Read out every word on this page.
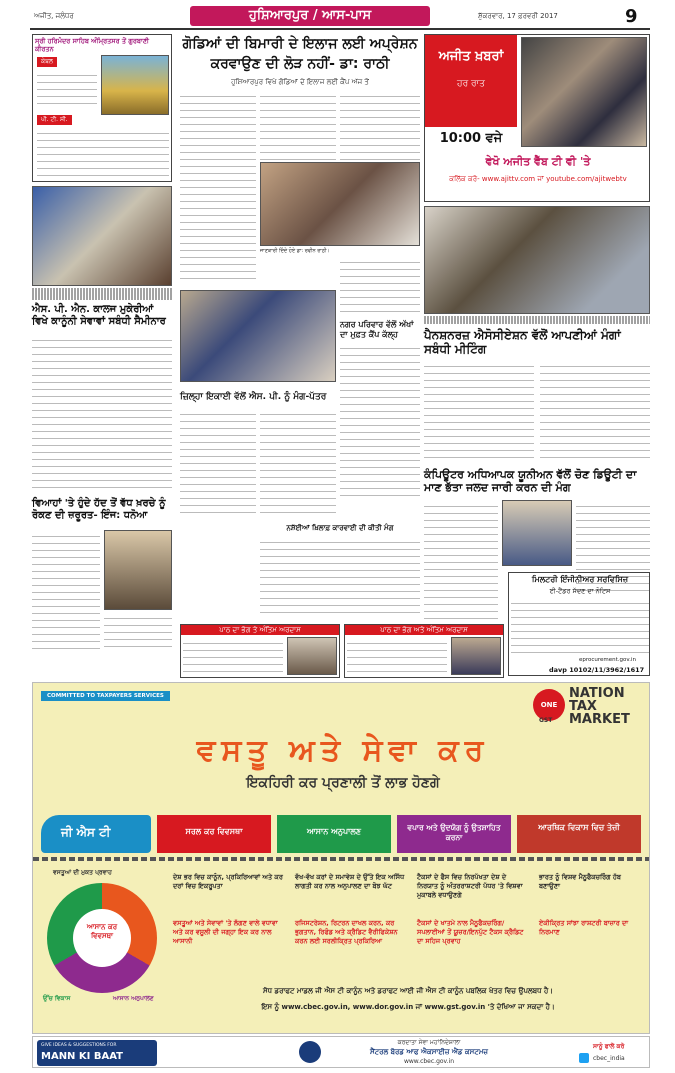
ਅਜੀਤ, ਜਲੰਧਰ	ਹੁਸ਼ਿਆਰਪੁਰ / ਆਸ-ਪਾਸ	ਸ਼ੁੱਕਰਵਾਰ, 17 ਫ਼ਰਵਰੀ 2017	9
ਸ੍ਰੀ ਹਰਿਮੰਦਰ ਸਾਹਿਬ ਅੰਮ੍ਰਿਤਸਰ ਤੋਂ ਗੁਰਬਾਣੀ ਕੀਰਤਨ
ਕੇਬਲ
ਪੀ. ਟੀ. ਸੀ.
ਐਸ. ਪੀ. ਐਨ. ਕਾਲਜ ਮੁਕੇਰੀਆਂ ਵਿਖੇ ਕਾਨੂੰਨੀ ਸੇਵਾਵਾਂ ਸਬੰਧੀ ਸੈਮੀਨਾਰ
ਵਿਆਹਾਂ 'ਤੇ ਹੁੰਦੇ ਹੱਦ ਤੋਂ ਵੱਧ ਖ਼ਰਚੇ ਨੂੰ ਰੋਕਣ ਦੀ ਜ਼ਰੂਰਤ- ਇੰਜ: ਧਨੋਆ
ਗੋਡਿਆਂ ਦੀ ਬਿਮਾਰੀ ਦੇ ਇਲਾਜ ਲਈ ਅਪ੍ਰੇਸ਼ਨ
ਕਰਵਾਉਣ ਦੀ ਲੋੜ ਨਹੀਂ- ਡਾ: ਰਾਠੀ
ਹੁਸ਼ਿਆਰਪੁਰ ਵਿਖੇ ਗੋਡਿਆਂ ਦੇ ਇਲਾਜ ਲਈ ਕੈਂਪ ਅੱਜ ਤੋਂ
ਜਾਣਕਾਰੀ ਦਿੰਦੇ ਹੋਏ ਡਾ: ਰਵੀਨ ਰਾਠੀ।
ਨਗਰ ਪਰਿਵਾਰ ਵੱਲੋਂ ਅੱਖਾਂ ਦਾ ਮੁਫ਼ਤ ਕੈਂਪ ਕੱਲ੍ਹ
ਜ਼ਿਲ੍ਹਾ ਇਕਾਈ ਵੱਲੋਂ ਐਸ. ਪੀ. ਨੂੰ ਮੰਗ-ਪੱਤਰ
ਨਸ਼ੱਈਆਂ ਖ਼ਿਲਾਫ਼ ਕਾਰਵਾਈ ਦੀ ਕੀਤੀ ਮੰਗ
ਪਾਠ ਦਾ ਭੋਗ ਤੇ ਅੰਤਿਮ ਅਰਦਾਸ	ਪਾਠ ਦਾ ਭੋਗ ਅਤੇ ਅੰਤਿਮ ਅਰਦਾਸ
ਅਜੀਤ ਖ਼ਬਰਾਂ
ਹਰ ਰਾਤ
10:00 ਵਜੇ
ਵੇਖੋ ਅਜੀਤ ਵੈੱਬ ਟੀ ਵੀ 'ਤੇ
ਕਲਿੱਕ ਕਰੋ- www.ajittv.com ਜਾਂ youtube.com/ajitwebtv
ਪੈਨਸ਼ਨਰਜ਼ ਐਸੋਸੀਏਸ਼ਨ ਵੱਲੋਂ ਆਪਣੀਆਂ ਮੰਗਾਂ ਸਬੰਧੀ ਮੀਟਿੰਗ
ਕੰਪਿਊਟਰ ਅਧਿਆਪਕ ਯੂਨੀਅਨ ਵੱਲੋਂ ਚੋਣ ਡਿਊਟੀ ਦਾ ਮਾਣ ਭੱਤਾ ਜਲਦ ਜਾਰੀ ਕਰਨ ਦੀ ਮੰਗ
ਮਿਲਟਰੀ ਇੰਜੀਨੀਅਰ ਸਰਵਿਸਿਜ਼
ਈ-ਟੈਂਡਰ ਸੱਦਣ ਦਾ ਨੋਟਿਸ
eprocurement.gov.in
davp 10102/11/3962/1617
COMMITTED TO TAXPAYERS SERVICES
ONE
GST
NATION
TAX
MARKET
ਵਸਤੂ ਅਤੇ ਸੇਵਾ ਕਰ
ਇਕਹਿਰੀ ਕਰ ਪ੍ਰਣਾਲੀ ਤੋਂ ਲਾਭ ਹੋਣਗੇ
ਜੀ ਐਸ ਟੀ	ਸਰਲ ਕਰ ਵਿਵਸਥਾ	ਆਸਾਨ ਅਨੁਪਾਲਣ	ਵਪਾਰ ਅਤੇ ਉਦਯੋਗ ਨੂੰ ਉਤਸ਼ਾਹਿਤ ਕਰਨਾ
ਆਰਥਿਕ ਵਿਕਾਸ ਵਿਚ ਤੇਜ਼ੀ
ਆਸਾਨ ਕਰ ਵਿਵਸਥਾ
ਵਸਤੂਆਂ ਦੀ ਮੁਕਤ ਪ੍ਰਵਾਹ
ਉੱਚ ਵਿਕਾਸ	ਆਸਾਨ ਅਨੁਪਾਲਣ
ਦੇਸ਼ ਭਰ ਵਿਚ ਕਾਨੂੰਨ, ਪ੍ਰਕਿਰਿਆਵਾਂ ਅਤੇ ਕਰ ਦਰਾਂ ਵਿਚ ਇਕਰੂਪਤਾ
ਵੱਖ-ਵੱਖ ਕਰਾਂ ਦੇ ਸਮਾਵੇਸ਼ ਦੇ ਉੱਤੇ ਇਕ ਅਸਿੱਧ ਲਾਗਤੀ ਕਰ ਨਾਲ ਅਨੁਪਾਲਣ ਦਾ ਬੋਝ ਘੱਟ
ਟੈਕਸਾਂ ਦੇ ਫੈਸ ਵਿਚ ਨਿਰਪੱਖਤਾ ਦੇਸ਼ ਦੇ ਨਿਰਯਾਤ ਨੂੰ ਅੰਤਰਰਾਸ਼ਟਰੀ ਪੱਧਰ 'ਤੇ ਵਿਸ਼ਵਾ ਮੁਕਾਬਲੇ ਵਧਾਉਣਗੇ
ਭਾਰਤ ਨੂੰ ਵਿਸ਼ਵ ਮੈਨੂਫੈਕਚਰਿੰਗ ਹੱਬ ਬਣਾਉਣਾ
ਵਸਤੂਆਂ ਅਤੇ ਸੇਵਾਵਾਂ 'ਤੇ ਲੱਗਣ ਵਾਲੇ ਵਧਾਵਾ ਅਤੇ ਕਰ ਵਸੂਲੀ ਦੀ ਜਗ੍ਹਾ ਇਕ ਕਰ ਨਾਲ ਆਸਾਨੀ
ਰਜਿਸਟਰੇਸ਼ਨ, ਰਿਟਰਨ ਦਾਖਲ ਕਰਨ, ਕਰ ਭੁਗਤਾਨ, ਰਿਫੰਡ ਅਤੇ ਕ੍ਰੈਡਿਟ ਵੈਰੀਫਿਕੇਸ਼ਨ ਕਰਨ ਲਈ ਸਰਲੀਕ੍ਰਿਤ ਪ੍ਰਕਿਰਿਆ
ਟੈਕਸਾਂ ਦੇ ਖਾਤਮੇ ਨਾਲ ਮੈਨੂਫੈਕਚਰਿੰਗ/ਸਪਲਾਈਆਂ ਤੋਂ ਯੂਜ਼ਰ/ਇਨਪੁੱਟ ਟੈਕਸ ਕ੍ਰੈਡਿਟ ਦਾ ਸਹਿਜ ਪ੍ਰਵਾਹ
ਏਕੀਕ੍ਰਿਤ ਸਾਂਝਾ ਰਾਸ਼ਟਰੀ ਬਾਜ਼ਾਰ ਦਾ ਨਿਰਮਾਣ
ਸੋਧ ਡਰਾਫਟ ਮਾਡਲ ਜੀ ਐਸ ਟੀ ਕਾਨੂੰਨ ਅਤੇ ਡਰਾਫਟ ਆਈ ਜੀ ਐਸ ਟੀ ਕਾਨੂੰਨ ਪਬਲਿਕ ਖੇਤਰ ਵਿਚ ਉਪਲਬਧ ਹੈ।
ਇਸ ਨੂੰ www.cbec.gov.in, www.dor.gov.in ਜਾਂ www.gst.gov.in 'ਤੇ ਦੇਖਿਆ ਜਾ ਸਕਦਾ ਹੈ।
GIVE IDEAS & SUGGESTIONS FOR
MANN KI BAAT
ਕਰਦਾਤਾ ਸੇਵਾ ਮਹਾਂਨਿਦੇਸ਼ਾਲਾ
ਸੈਂਟਰਲ ਬੋਰਡ ਆਫ ਐਕਸਾਈਜ਼ ਐਂਡ ਕਸਟਮਜ਼
www.cbec.gov.in
ਸਾਨੂੰ ਫਾਲੋ ਕਰੋ
cbec_india
